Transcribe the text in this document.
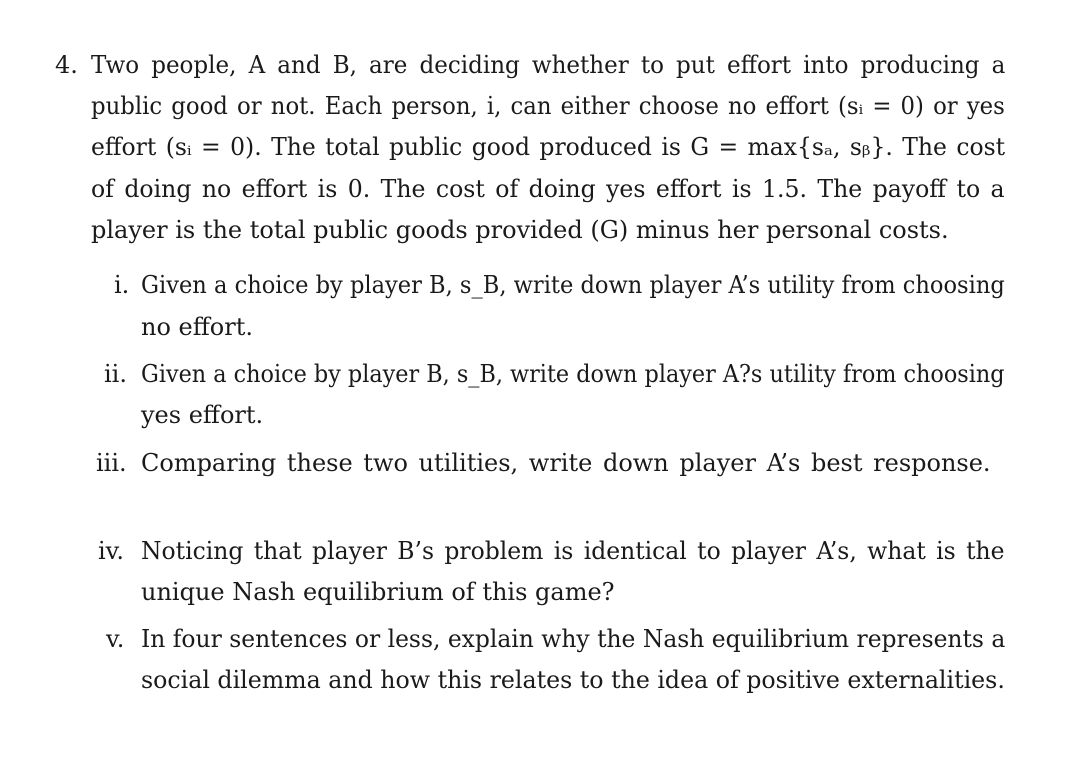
4. Two people, A and B, are deciding whether to put effort into producing a
public good or not. Each person, i, can either choose no effort (sᵢ = 0) or yes
effort (sᵢ = 0). The total public good produced is G = max{sₐ, sᵦ}. The cost
of doing no effort is 0. The cost of doing yes effort is 1.5. The payoff to a
player is the total public goods provided (G) minus her personal costs.
i. Given a choice by player B, s_B, write down player A’s utility from choosing
no effort.
ii. Given a choice by player B, s_B, write down player A?s utility from choosing
yes effort.
iii. Comparing these two utilities, write down player A’s best response.
iv. Noticing that player B’s problem is identical to player A’s, what is the
unique Nash equilibrium of this game?
v. In four sentences or less, explain why the Nash equilibrium represents a
social dilemma and how this relates to the idea of positive externalities.
